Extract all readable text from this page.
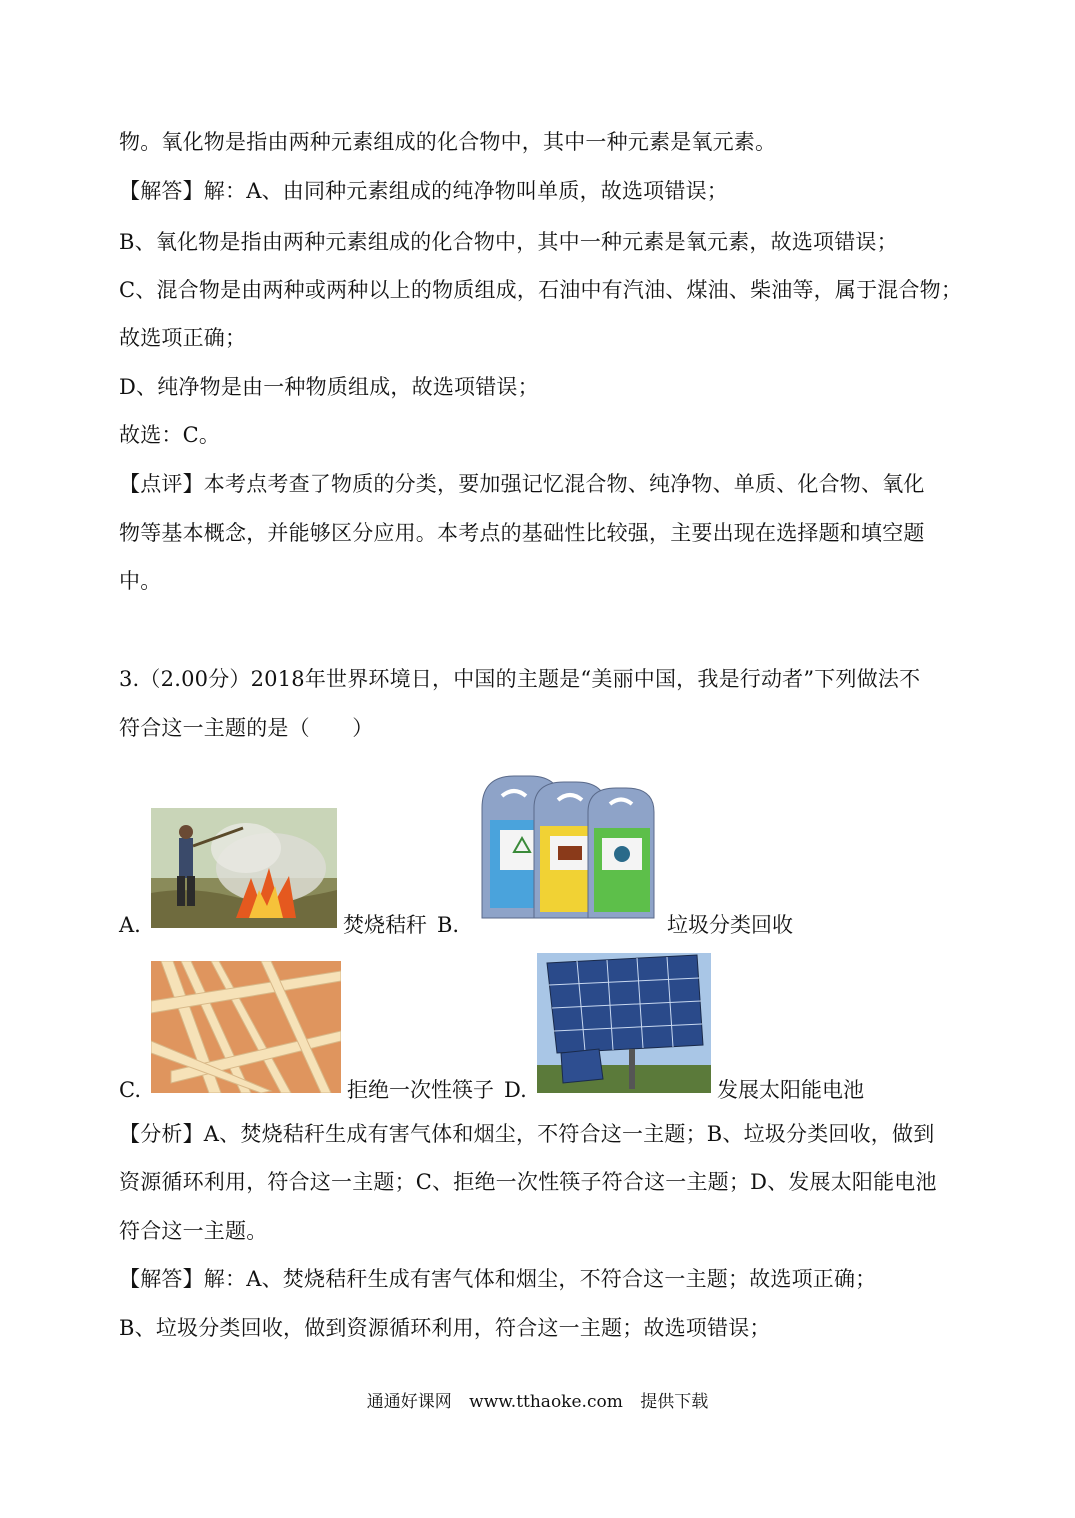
物。氧化物是指由两种元素组成的化合物中，其中一种元素是氧元素。
【解答】解：A、由同种元素组成的纯净物叫单质，故选项错误；
B、氧化物是指由两种元素组成的化合物中，其中一种元素是氧元素，故选项错误；
C、混合物是由两种或两种以上的物质组成，石油中有汽油、煤油、柴油等，属于混合物；
故选项正确；
D、纯净物是由一种物质组成，故选项错误；
故选：C。
【点评】本考点考查了物质的分类，要加强记忆混合物、纯净物、单质、化合物、氧化
物等基本概念，并能够区分应用。本考点的基础性比较强，主要出现在选择题和填空题
中。
3.（2.00分）2018年世界环境日，中国的主题是“美丽中国，我是行动者”下列做法不
符合这一主题的是（　　）
A.	焚烧秸秆 B.	垃圾分类回收
C.	拒绝一次性筷子 D.	发展太阳能电池
【分析】A、焚烧秸秆生成有害气体和烟尘，不符合这一主题；B、垃圾分类回收，做到
资源循环利用，符合这一主题；C、拒绝一次性筷子符合这一主题；D、发展太阳能电池
符合这一主题。
【解答】解：A、焚烧秸秆生成有害气体和烟尘，不符合这一主题；故选项正确；
B、垃圾分类回收，做到资源循环利用，符合这一主题；故选项错误；
通通好课网 www.tthaoke.com 提供下载
